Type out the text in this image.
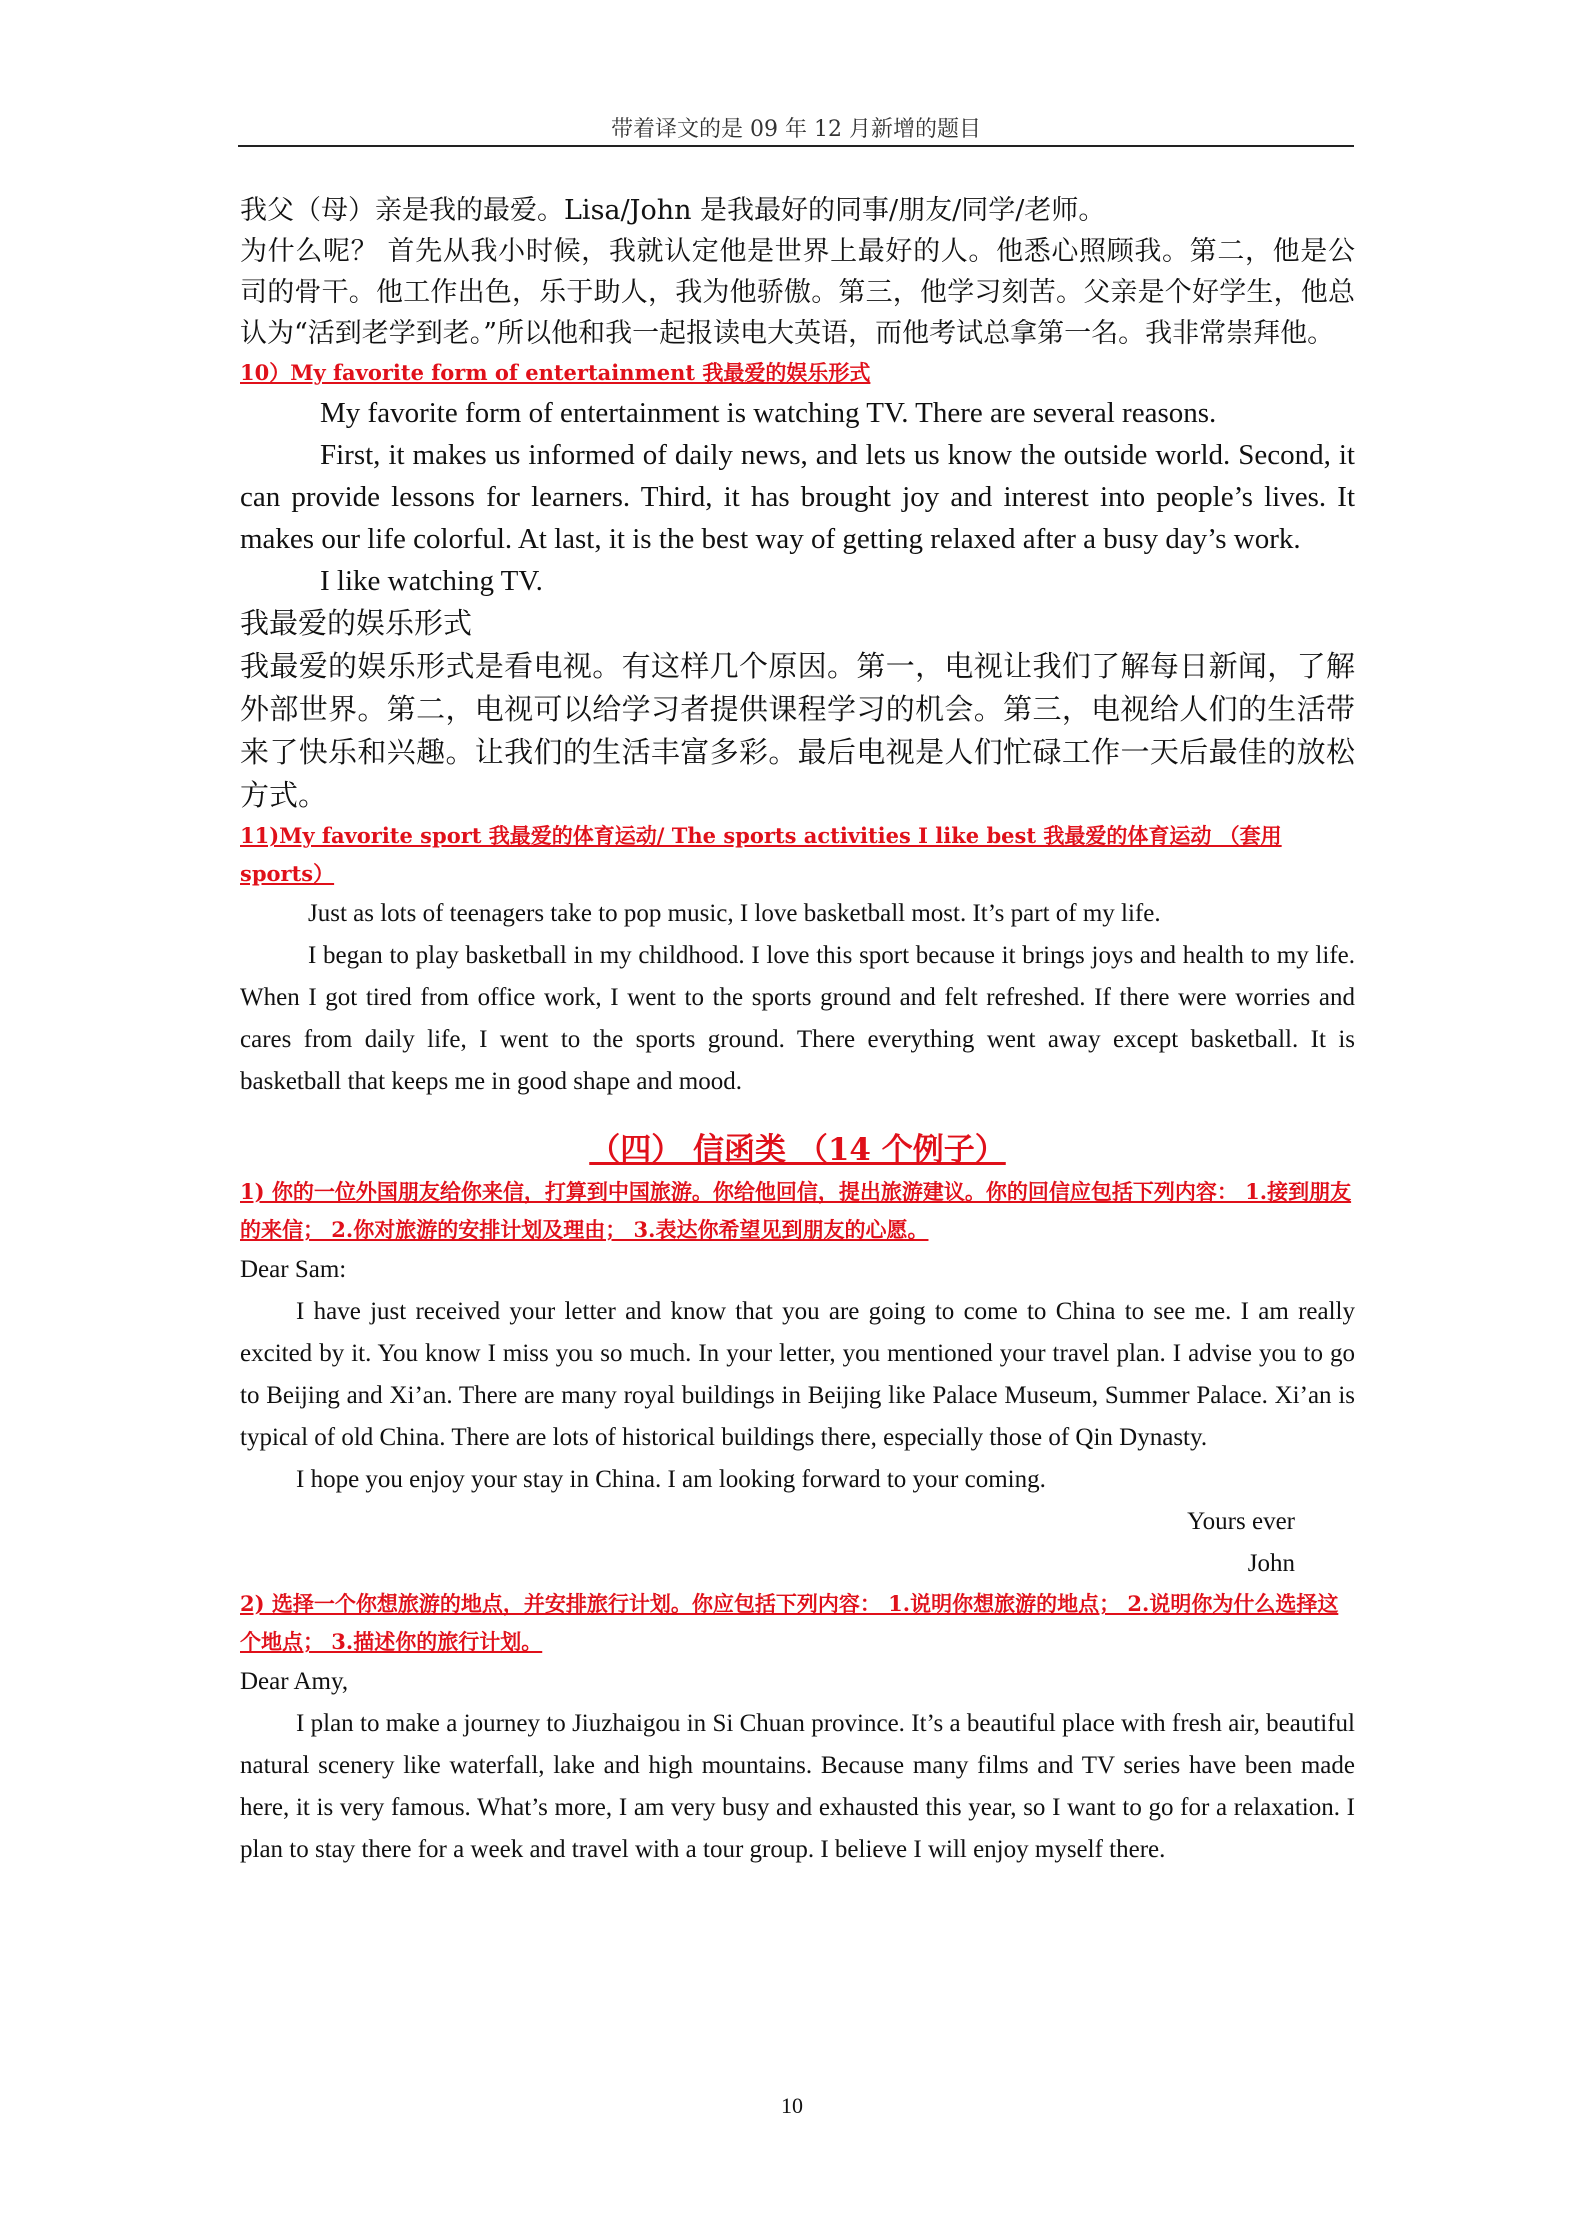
带着译文的是 09 年 12 月新增的题目

我父（母）亲是我的最爱。Lisa/John 是我最好的同事/朋友/同学/老师。

为什么呢？ 首先从我小时候，我就认定他是世界上最好的人。他悉心照顾我。第二，他是公司的骨干。他工作出色，乐于助人，我为他骄傲。第三，他学习刻苦。父亲是个好学生，他总认为“活到老学到老。”所以他和我一起报读电大英语，而他考试总拿第一名。我非常崇拜他。

10）My favorite form of entertainment 我最爱的娱乐形式

My favorite form of entertainment is watching TV. There are several reasons.

First, it makes us informed of daily news, and lets us know the outside world. Second, it can provide lessons for learners. Third, it has brought joy and interest into people’s lives. It makes our life colorful. At last, it is the best way of getting relaxed after a busy day’s work.

I like watching TV.

我最爱的娱乐形式

我最爱的娱乐形式是看电视。有这样几个原因。第一，电视让我们了解每日新闻，了解外部世界。第二，电视可以给学习者提供课程学习的机会。第三，电视给人们的生活带来了快乐和兴趣。让我们的生活丰富多彩。最后电视是人们忙碌工作一天后最佳的放松方式。

11)My favorite sport 我最爱的体育运动/ The sports activities I like best 我最爱的体育运动 （套用 sports）

Just as lots of teenagers take to pop music, I love basketball most. It’s part of my life.

I began to play basketball in my childhood. I love this sport because it brings joys and health to my life. When I got tired from office work, I went to the sports ground and felt refreshed. If there were worries and cares from daily life, I went to the sports ground. There everything went away except basketball. It is basketball that keeps me in good shape and mood.

（四） 信函类 （14 个例子）

1) 你的一位外国朋友给你来信，打算到中国旅游。你给他回信，提出旅游建议。你的回信应包括下列内容： 1.接到朋友的来信； 2.你对旅游的安排计划及理由； 3.表达你希望见到朋友的心愿。

Dear Sam:

I have just received your letter and know that you are going to come to China to see me. I am really excited by it. You know I miss you so much. In your letter, you mentioned your travel plan. I advise you to go to Beijing and Xi’an. There are many royal buildings in Beijing like Palace Museum, Summer Palace. Xi’an is typical of old China. There are lots of historical buildings there, especially those of Qin Dynasty.

I hope you enjoy your stay in China. I am looking forward to your coming.

Yours ever

John

2) 选择一个你想旅游的地点，并安排旅行计划。你应包括下列内容： 1.说明你想旅游的地点； 2.说明你为什么选择这个地点； 3.描述你的旅行计划。

Dear Amy,

I plan to make a journey to Jiuzhaigou in Si Chuan province. It’s a beautiful place with fresh air, beautiful natural scenery like waterfall, lake and high mountains. Because many films and TV series have been made here, it is very famous. What’s more, I am very busy and exhausted this year, so I want to go for a relaxation. I plan to stay there for a week and travel with a tour group. I believe I will enjoy myself there.

10
